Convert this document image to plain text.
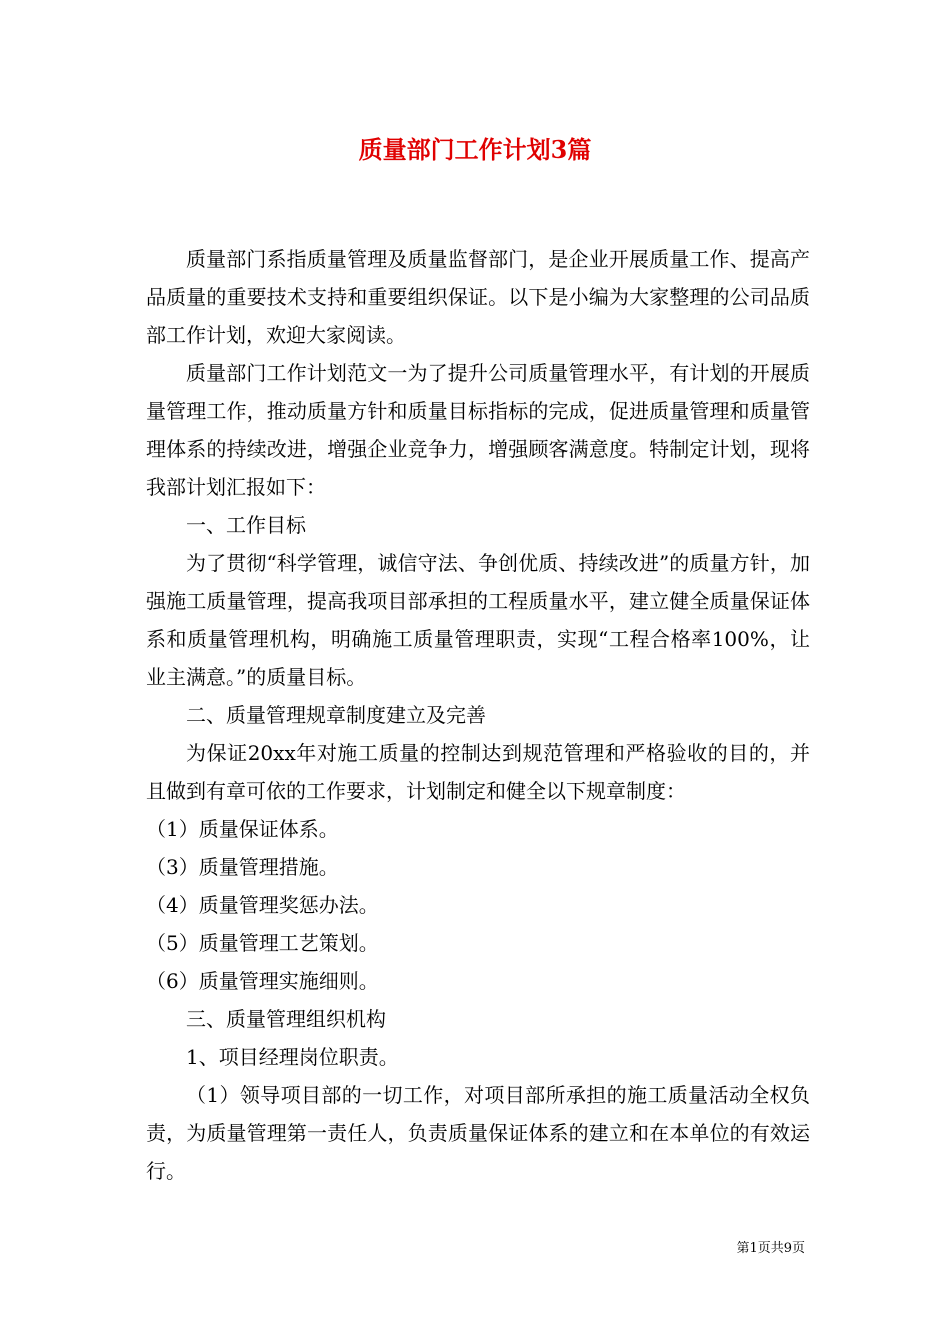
质量部门工作计划3篇

质量部门系指质量管理及质量监督部门，是企业开展质量工作、提高产品质量的重要技术支持和重要组织保证。以下是小编为大家整理的公司品质部工作计划，欢迎大家阅读。

质量部门工作计划范文一为了提升公司质量管理水平，有计划的开展质量管理工作，推动质量方针和质量目标指标的完成，促进质量管理和质量管理体系的持续改进，增强企业竞争力，增强顾客满意度。特制定计划，现将我部计划汇报如下：

一、工作目标

为了贯彻“科学管理，诚信守法、争创优质、持续改进”的质量方针，加强施工质量管理，提高我项目部承担的工程质量水平，建立健全质量保证体系和质量管理机构，明确施工质量管理职责，实现“工程合格率100%，让业主满意。”的质量目标。

二、质量管理规章制度建立及完善

为保证20xx年对施工质量的控制达到规范管理和严格验收的目的，并且做到有章可依的工作要求，计划制定和健全以下规章制度：

（1）质量保证体系。

（3）质量管理措施。

（4）质量管理奖惩办法。

（5）质量管理工艺策划。

（6）质量管理实施细则。

三、质量管理组织机构

1、项目经理岗位职责。

（1）领导项目部的一切工作，对项目部所承担的施工质量活动全权负责，为质量管理第一责任人，负责质量保证体系的建立和在本单位的有效运行。

第1页共9页
